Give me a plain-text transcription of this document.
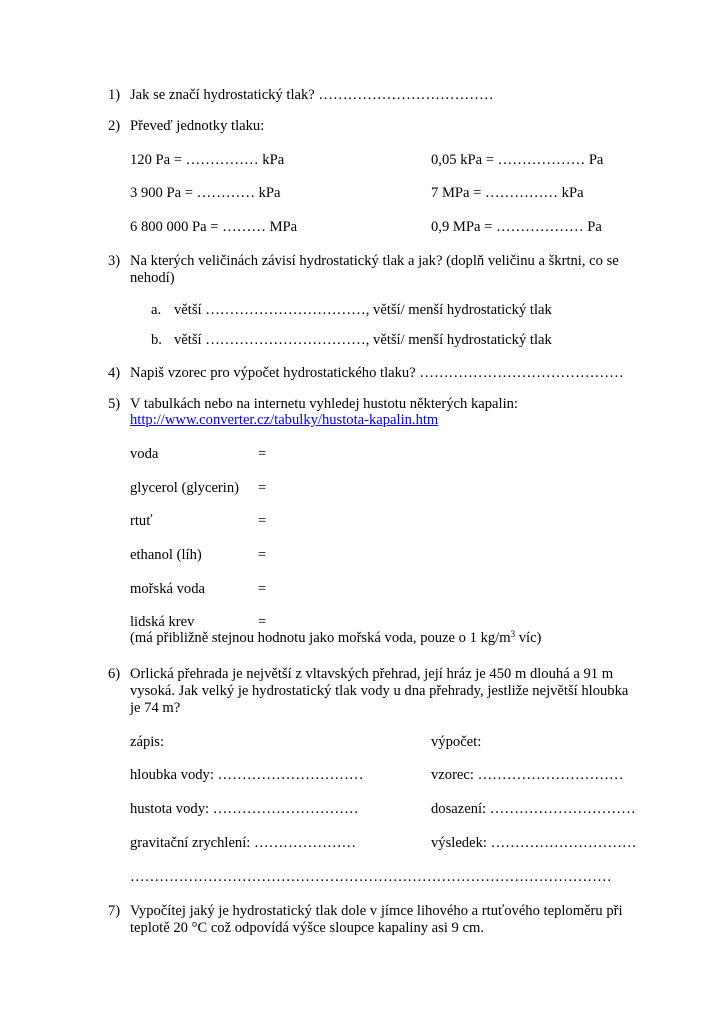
1) Jak se značí hydrostatický tlak? ………………………………
2) Převeď jednotky tlaku:
120 Pa = …………… kPa	0,05 kPa = ……………… Pa
3 900 Pa = ………… kPa	7 MPa = …………… kPa
6 800 000 Pa = ……… MPa	0,9 MPa = ……………… Pa
3) Na kterých veličinách závisí hydrostatický tlak a jak? (doplň veličinu a škrtni, co se
nehodí)
a. větší ……………………………, větší/ menší hydrostatický tlak
b. větší ……………………………, větší/ menší hydrostatický tlak
4) Napiš vzorec pro výpočet hydrostatického tlaku? ……………………………………
5) V tabulkách nebo na internetu vyhledej hustotu některých kapalin:
http://www.converter.cz/tabulky/hustota-kapalin.htm
voda	=
glycerol (glycerin) =
rtuť	=
ethanol (líh)	=
mořská voda	=
lidská krev	=
(má přibližně stejnou hodnotu jako mořská voda, pouze o 1 $kg/m^3$ víc)
6) Orlická přehrada je největší z vltavských přehrad, její hráz je 450 m dlouhá a 91 m
vysoká. Jak velký je hydrostatický tlak vody u dna přehrady, jestliže největší hloubka
je 74 m?
zápis:	výpočet:
hloubka vody: …………………………	vzorec: …………………………
hustota vody: …………………………	dosazení: …………………………
gravitační zrychlení: …………………	výsledek: …………………………
………………………………………………………………………………………
7) Vypočítej jaký je hydrostatický tlak dole v jímce lihového a rtuťového teploměru při
teplotě 20 °C což odpovídá výšce sloupce kapaliny asi 9 cm.
